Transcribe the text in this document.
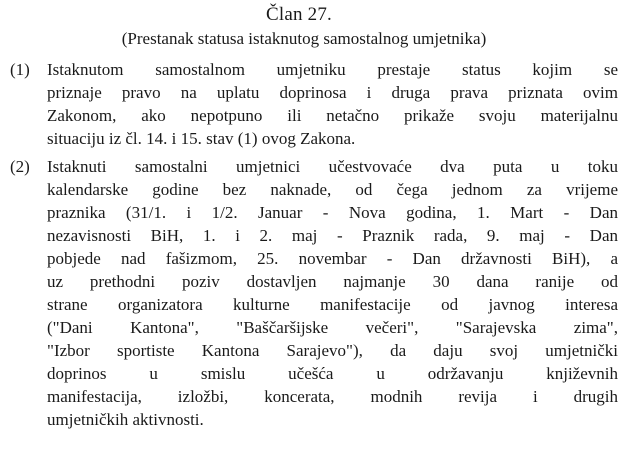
Član 27.
(Prestanak statusa istaknutog samostalnog umjetnika)
(1) Istaknutom samostalnom umjetniku prestaje status kojim se
priznaje pravo na uplatu doprinosa i druga prava priznata ovim
Zakonom, ako nepotpuno ili netačno prikaže svoju materijalnu
situaciju iz čl. 14. i 15. stav (1) ovog Zakona.
(2) Istaknuti samostalni umjetnici učestvovaće dva puta u toku
kalendarske godine bez naknade, od čega jednom za vrijeme
praznika (31/1. i 1/2. Januar - Nova godina, 1. Mart - Dan
nezavisnosti BiH, 1. i 2. maj - Praznik rada, 9. maj - Dan
pobjede nad fašizmom, 25. novembar - Dan državnosti BiH), a
uz prethodni poziv dostavljen najmanje 30 dana ranije od
strane organizatora kulturne manifestacije od javnog interesa
("Dani Kantona", "Baščaršijske večeri", "Sarajevska zima",
"Izbor sportiste Kantona Sarajevo"), da daju svoj umjetnički
doprinos u smislu učešća u održavanju književnih
manifestacija, izložbi, koncerata, modnih revija i drugih
umjetničkih aktivnosti.
